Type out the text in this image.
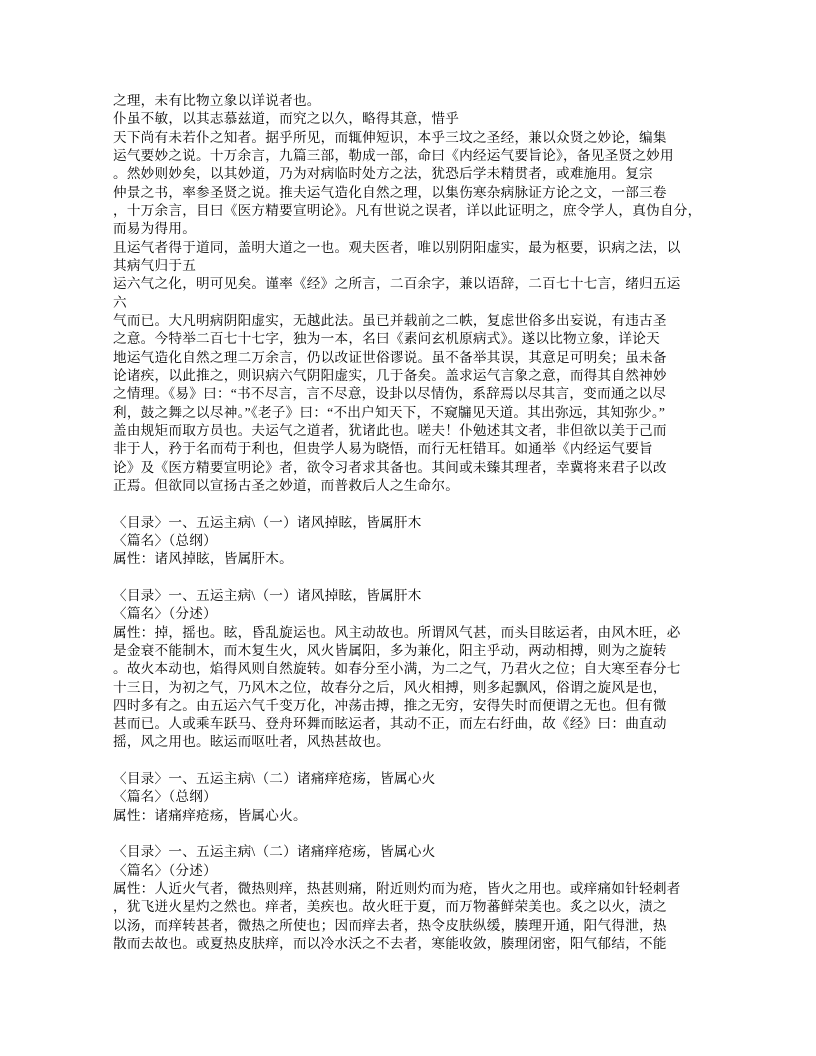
之理，未有比物立象以详说者也。
仆虽不敏，以其志慕兹道，而究之以久，略得其意，惜乎
天下尚有未若仆之知者。据乎所见，而辄伸短识，本乎三坟之圣经，兼以众贤之妙论，编集
运气要妙之说。十万余言，九篇三部，勒成一部，命曰《内经运气要旨论》，备见圣贤之妙用
。然妙则妙矣，以其妙道，乃为对病临时处方之法，犹恐后学未精贯者，或难施用。复宗
仲景之书，率参圣贤之说。推夫运气造化自然之理，以集伤寒杂病脉证方论之文，一部三卷
，十万余言，目曰《医方精要宣明论》。凡有世说之误者，详以此证明之，庶令学人，真伪自分，
而易为得用。
且运气者得于道同，盖明大道之一也。观夫医者，唯以别阴阳虚实，最为枢要，识病之法，以
其病气归于五
运六气之化，明可见矣。谨率《经》之所言，二百余字，兼以语辞，二百七十七言，绪归五运
六
气而已。大凡明病阴阳虚实，无越此法。虽已并载前之二帙，复虑世俗多出妄说，有违古圣
之意。今特举二百七十七字，独为一本，名曰《素问玄机原病式》。遂以比物立象，详论天
地运气造化自然之理二万余言，仍以改证世俗谬说。虽不备举其误，其意足可明矣；虽未备
论诸疾，以此推之，则识病六气阴阳虚实，几于备矣。盖求运气言象之意，而得其自然神妙
之情理。《易》曰：“书不尽言，言不尽意，设卦以尽情伪，系辞焉以尽其言，变而通之以尽
利，鼓之舞之以尽神。”《老子》曰：“不出户知天下，不窥牖见天道。其出弥远，其知弥少。”
盖由规矩而取方员也。夫运气之道者，犹诸此也。嗟夫！仆勉述其文者，非但欲以美于己而
非于人，矜于名而苟于利也，但贵学人易为晓悟，而行无枉错耳。如通举《内经运气要旨
论》及《医方精要宣明论》者，欲令习者求其备也。其间或未臻其理者，幸冀将来君子以改
正焉。但欲同以宣扬古圣之妙道，而普救后人之生命尔。

〈目录〉一、五运主病\（一）诸风掉眩，皆属肝木
〈篇名〉（总纲）
属性：诸风掉眩，皆属肝木。

〈目录〉一、五运主病\（一）诸风掉眩，皆属肝木
〈篇名〉（分述）
属性：掉，摇也。眩，昏乱旋运也。风主动故也。所谓风气甚，而头目眩运者，由风木旺，必
是金衰不能制木，而木复生火，风火皆属阳，多为兼化，阳主乎动，两动相搏，则为之旋转
。故火本动也，焰得风则自然旋转。如春分至小满，为二之气，乃君火之位；自大寒至春分七
十三日，为初之气，乃风木之位，故春分之后，风火相搏，则多起飘风，俗谓之旋风是也，
四时多有之。由五运六气千变万化，冲荡击搏，推之无穷，安得失时而便谓之无也。但有微
甚而已。人或乘车跃马、登舟环舞而眩运者，其动不正，而左右纡曲，故《经》曰：曲直动
摇，风之用也。眩运而呕吐者，风热甚故也。

〈目录〉一、五运主病\（二）诸痛痒疮疡，皆属心火
〈篇名〉（总纲）
属性：诸痛痒疮疡，皆属心火。

〈目录〉一、五运主病\（二）诸痛痒疮疡，皆属心火
〈篇名〉（分述）
属性：人近火气者，微热则痒，热甚则痛，附近则灼而为疮，皆火之用也。或痒痛如针轻刺者
，犹飞迸火星灼之然也。痒者，美疾也。故火旺于夏，而万物蕃鲜荣美也。炙之以火，渍之
以汤，而痒转甚者，微热之所使也；因而痒去者，热令皮肤纵缓，腠理开通，阳气得泄，热
散而去故也。或夏热皮肤痒，而以冷水沃之不去者，寒能收敛，腠理闭密，阳气郁结，不能
